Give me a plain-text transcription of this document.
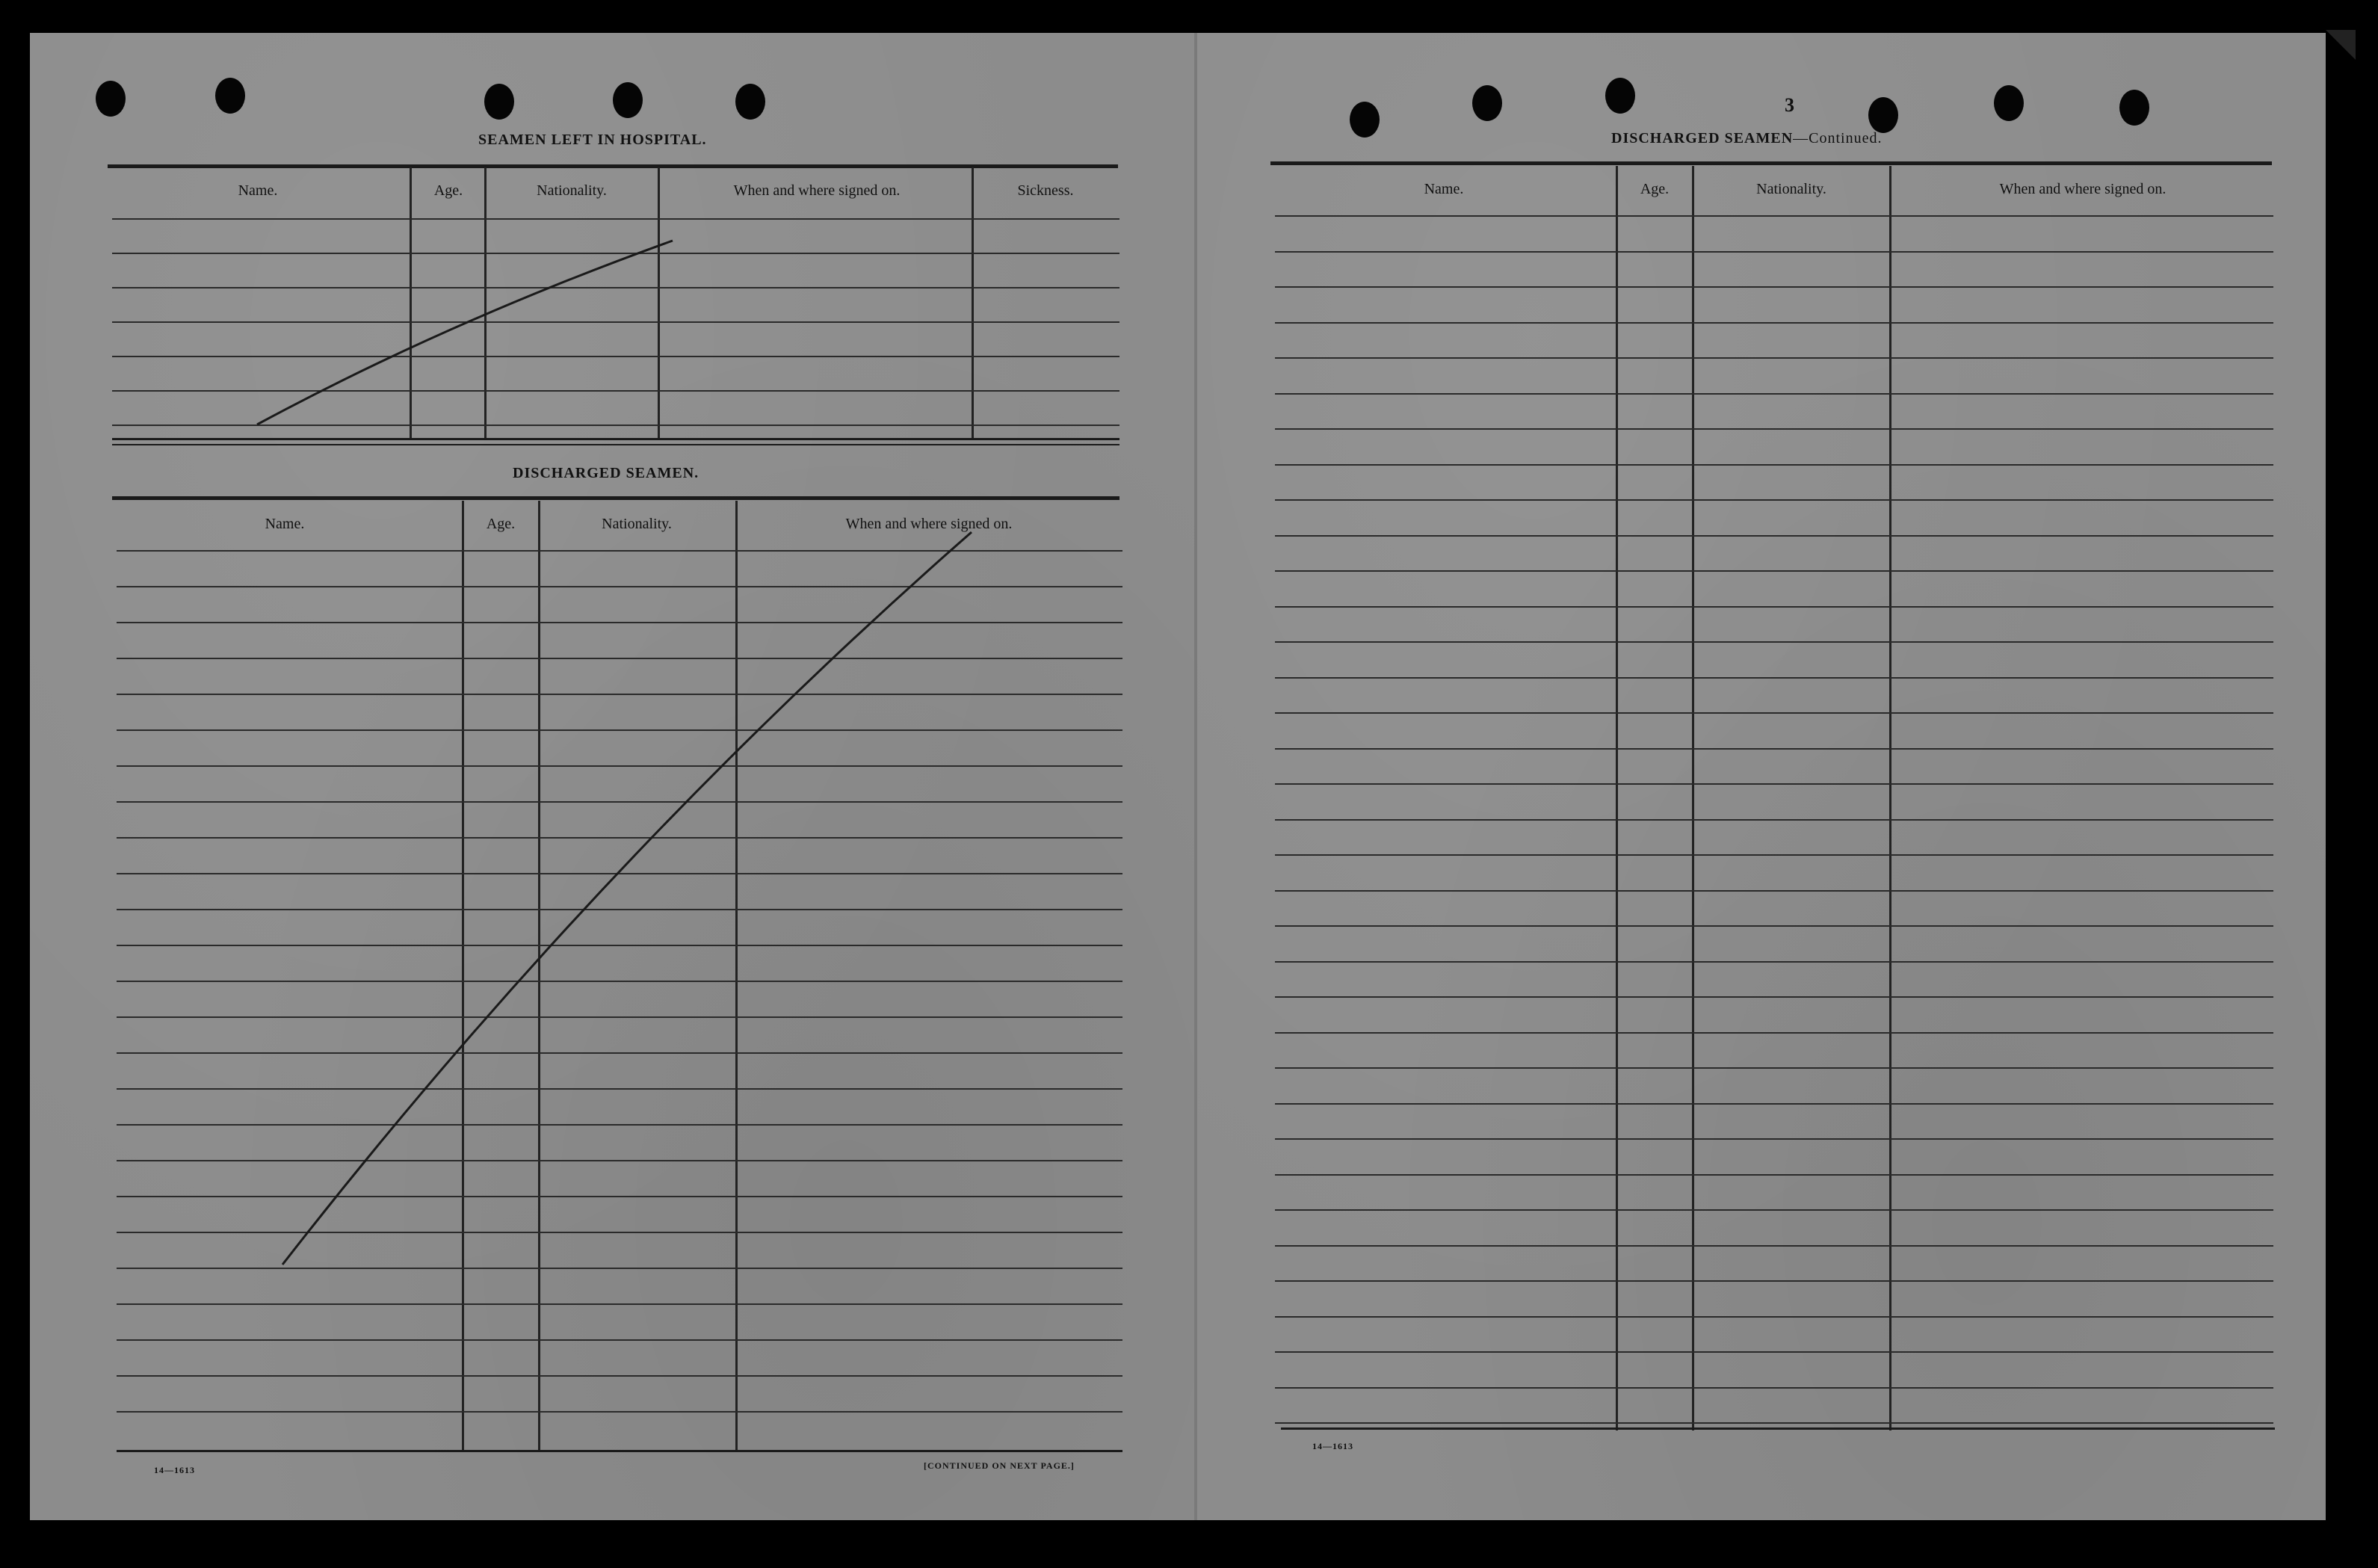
SEAMEN LEFT IN HOSPITAL.
Name.	Age.	Nationality.	When and where signed on.	Sickness.
DISCHARGED SEAMEN.
Name.	Age.	Nationality.	When and where signed on.
14—1613	[CONTINUED ON NEXT PAGE.]
3
DISCHARGED SEAMEN—Continued.
Name.	Age.	Nationality.	When and where signed on.
14—1613
